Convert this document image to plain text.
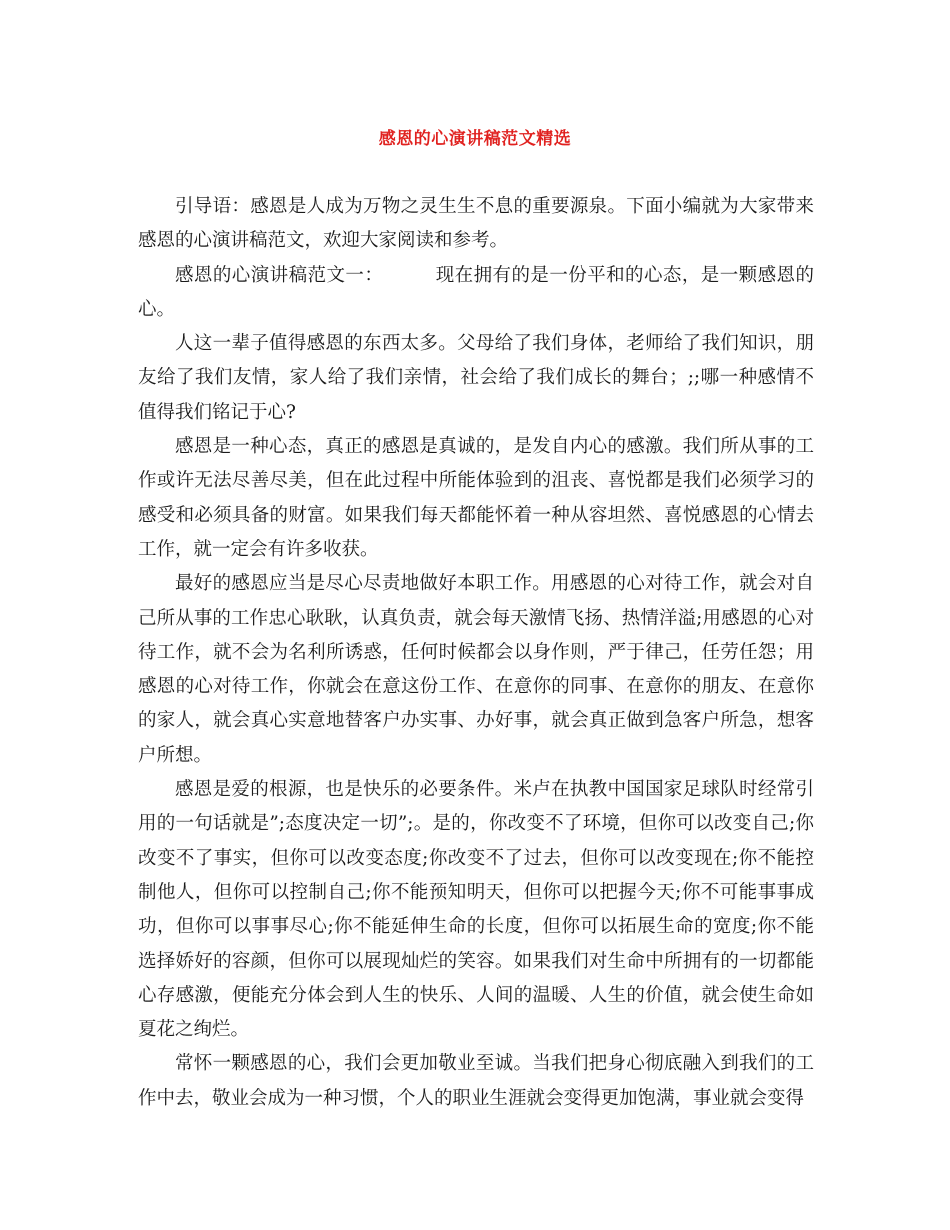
感恩的心演讲稿范文精选

引导语：感恩是人成为万物之灵生生不息的重要源泉。下面小编就为大家带来感恩的心演讲稿范文，欢迎大家阅读和参考。

感恩的心演讲稿范文一：	现在拥有的是一份平和的心态，是一颗感恩的心。

人这一辈子值得感恩的东西太多。父母给了我们身体，老师给了我们知识，朋友给了我们友情，家人给了我们亲情，社会给了我们成长的舞台；;;哪一种感情不值得我们铭记于心?

感恩是一种心态，真正的感恩是真诚的，是发自内心的感激。我们所从事的工作或许无法尽善尽美，但在此过程中所能体验到的沮丧、喜悦都是我们必须学习的感受和必须具备的财富。如果我们每天都能怀着一种从容坦然、喜悦感恩的心情去工作，就一定会有许多收获。

最好的感恩应当是尽心尽责地做好本职工作。用感恩的心对待工作，就会对自己所从事的工作忠心耿耿，认真负责，就会每天激情飞扬、热情洋溢;用感恩的心对待工作，就不会为名利所诱惑，任何时候都会以身作则，严于律己，任劳任怨；用感恩的心对待工作，你就会在意这份工作、在意你的同事、在意你的朋友、在意你的家人，就会真心实意地替客户办实事、办好事，就会真正做到急客户所急，想客户所想。

感恩是爱的根源，也是快乐的必要条件。米卢在执教中国国家足球队时经常引用的一句话就是”;态度决定一切”;。是的，你改变不了环境，但你可以改变自己;你改变不了事实，但你可以改变态度;你改变不了过去，但你可以改变现在;你不能控制他人，但你可以控制自己;你不能预知明天，但你可以把握今天;你不可能事事成功，但你可以事事尽心;你不能延伸生命的长度，但你可以拓展生命的宽度;你不能选择娇好的容颜，但你可以展现灿烂的笑容。如果我们对生命中所拥有的一切都能心存感激，便能充分体会到人生的快乐、人间的温暖、人生的价值，就会使生命如夏花之绚烂。

常怀一颗感恩的心，我们会更加敬业至诚。当我们把身心彻底融入到我们的工作中去，敬业会成为一种习惯，个人的职业生涯就会变得更加饱满，事业就会变得
